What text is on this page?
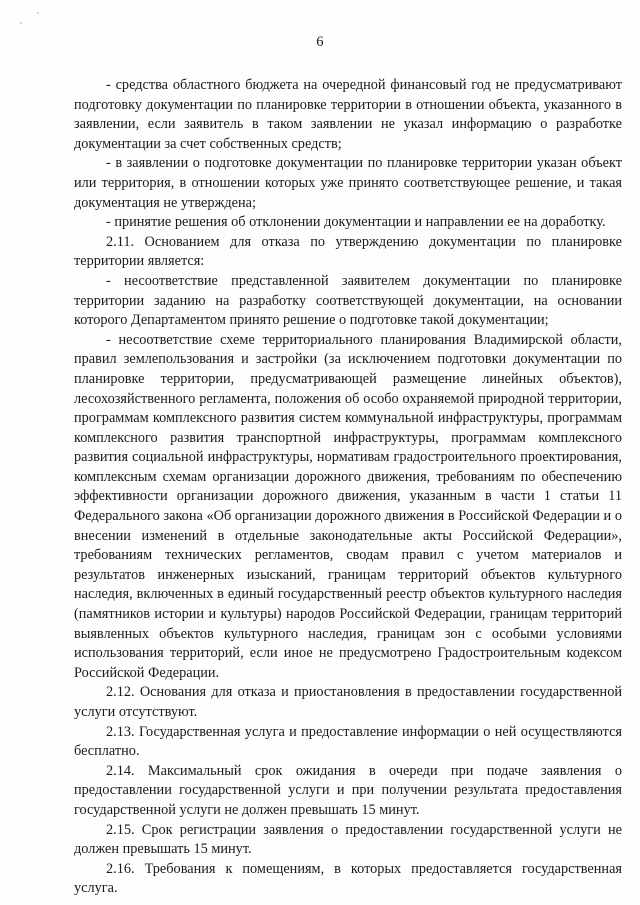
6

- средства областного бюджета на очередной финансовый год не предусматривают подготовку документации по планировке территории в отношении объекта, указанного в заявлении, если заявитель в таком заявлении не указал информацию о разработке документации за счет собственных средств;

- в заявлении о подготовке документации по планировке территории указан объект или территория, в отношении которых уже принято соответствующее решение, и такая документация не утверждена;

- принятие решения об отклонении документации и направлении ее на доработку.

2.11. Основанием для отказа по утверждению документации по планировке территории является:

- несоответствие представленной заявителем документации по планировке территории заданию на разработку соответствующей документации, на основании которого Департаментом принято решение о подготовке такой документации;

- несоответствие схеме территориального планирования Владимирской области, правил землепользования и застройки (за исключением подготовки документации по планировке территории, предусматривающей размещение линейных объектов), лесохозяйственного регламента, положения об особо охраняемой природной территории, программам комплексного развития систем коммунальной инфраструктуры, программам комплексного развития транспортной инфраструктуры, программам комплексного развития социальной инфраструктуры, нормативам градостроительного проектирования, комплексным схемам организации дорожного движения, требованиям по обеспечению эффективности организации дорожного движения, указанным в части 1 статьи 11 Федерального закона «Об организации дорожного движения в Российской Федерации и о внесении изменений в отдельные законодательные акты Российской Федерации», требованиям технических регламентов, сводам правил с учетом материалов и результатов инженерных изысканий, границам территорий объектов культурного наследия, включенных в единый государственный реестр объектов культурного наследия (памятников истории и культуры) народов Российской Федерации, границам территорий выявленных объектов культурного наследия, границам зон с особыми условиями использования территорий, если иное не предусмотрено Градостроительным кодексом Российской Федерации.

2.12. Основания для отказа и приостановления в предоставлении государственной услуги отсутствуют.

2.13. Государственная услуга и предоставление информации о ней осуществляются бесплатно.

2.14. Максимальный срок ожидания в очереди при подаче заявления о предоставлении государственной услуги и при получении результата предоставления государственной услуги не должен превышать 15 минут.

2.15. Срок регистрации заявления о предоставлении государственной услуги не должен превышать 15 минут.

2.16. Требования к помещениям, в которых предоставляется государственная услуга.
